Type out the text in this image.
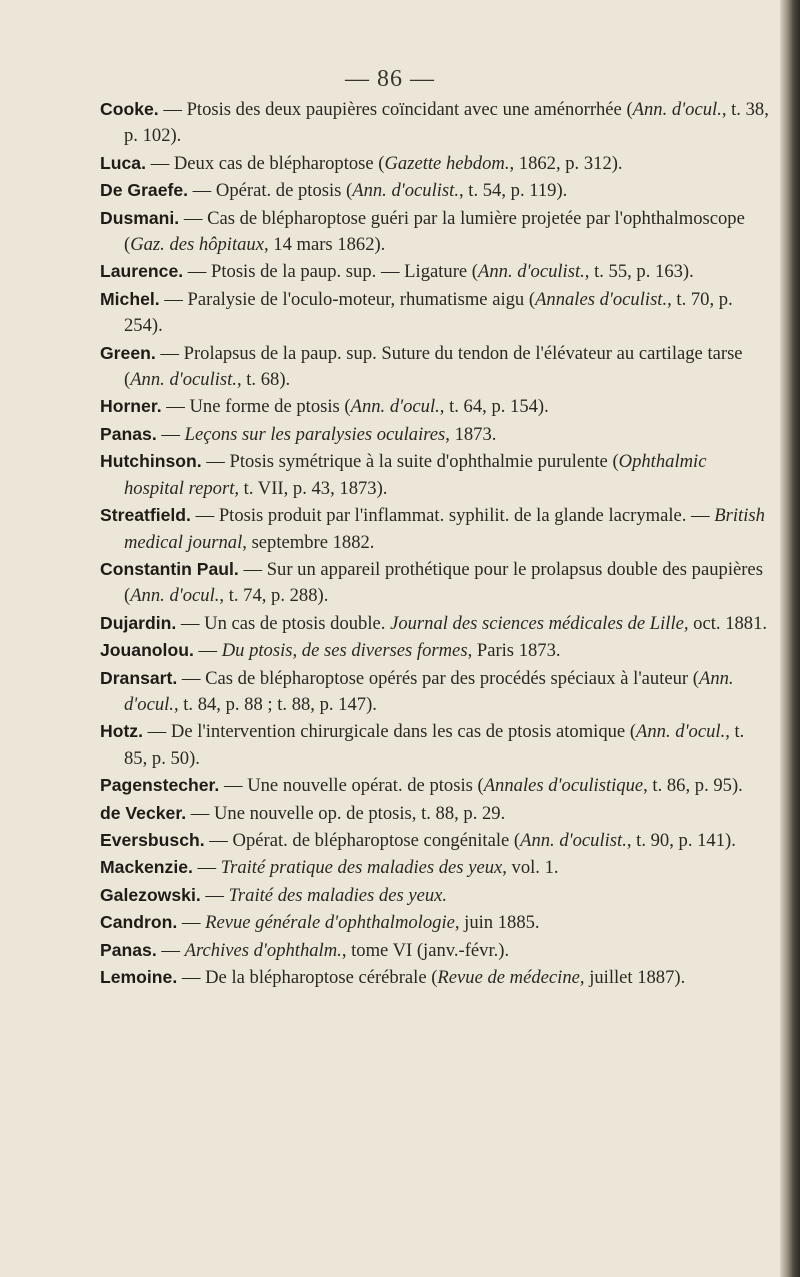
— 86 —

Cooke. — Ptosis des deux paupières coïncidant avec une aménorrhée (Ann. d'ocul., t. 38, p. 102).

Luca. — Deux cas de blépharoptose (Gazette hebdom., 1862, p. 312).

De Graefe. — Opérat. de ptosis (Ann. d'oculist., t. 54, p. 119).

Dusmani. — Cas de blépharoptose guéri par la lumière projetée par l'ophthalmoscope (Gaz. des hôpitaux, 14 mars 1862).

Laurence. — Ptosis de la paup. sup. — Ligature (Ann. d'oculist., t. 55, p. 163).

Michel. — Paralysie de l'oculo-moteur, rhumatisme aigu (Annales d'oculist., t. 70, p. 254).

Green. — Prolapsus de la paup. sup. Suture du tendon de l'élévateur au cartilage tarse (Ann. d'oculist., t. 68).

Horner. — Une forme de ptosis (Ann. d'ocul., t. 64, p. 154).

Panas. — Leçons sur les paralysies oculaires, 1873.

Hutchinson. — Ptosis symétrique à la suite d'ophthalmie purulente (Ophthalmic hospital report, t. VII, p. 43, 1873).

Streatfield. — Ptosis produit par l'inflammat. syphilit. de la glande lacrymale. — British medical journal, septembre 1882.

Constantin Paul. — Sur un appareil prothétique pour le prolapsus double des paupières (Ann. d'ocul., t. 74, p. 288).

Dujardin. — Un cas de ptosis double. Journal des sciences médicales de Lille, oct. 1881.

Jouanolou. — Du ptosis, de ses diverses formes, Paris 1873.

Dransart. — Cas de blépharoptose opérés par des procédés spéciaux à l'auteur (Ann. d'ocul., t. 84, p. 88 ; t. 88, p. 147).

Hotz. — De l'intervention chirurgicale dans les cas de ptosis atomique (Ann. d'ocul., t. 85, p. 50).

Pagenstecher. — Une nouvelle opérat. de ptosis (Annales d'oculistique, t. 86, p. 95).

de Vecker. — Une nouvelle op. de ptosis, t. 88, p. 29.

Eversbusch. — Opérat. de blépharoptose congénitale (Ann. d'oculist., t. 90, p. 141).

Mackenzie. — Traité pratique des maladies des yeux, vol. 1.

Galezowski. — Traité des maladies des yeux.

Candron. — Revue générale d'ophthalmologie, juin 1885.

Panas. — Archives d'ophthalm., tome VI (janv.-févr.).

Lemoine. — De la blépharoptose cérébrale (Revue de médecine, juillet 1887).
